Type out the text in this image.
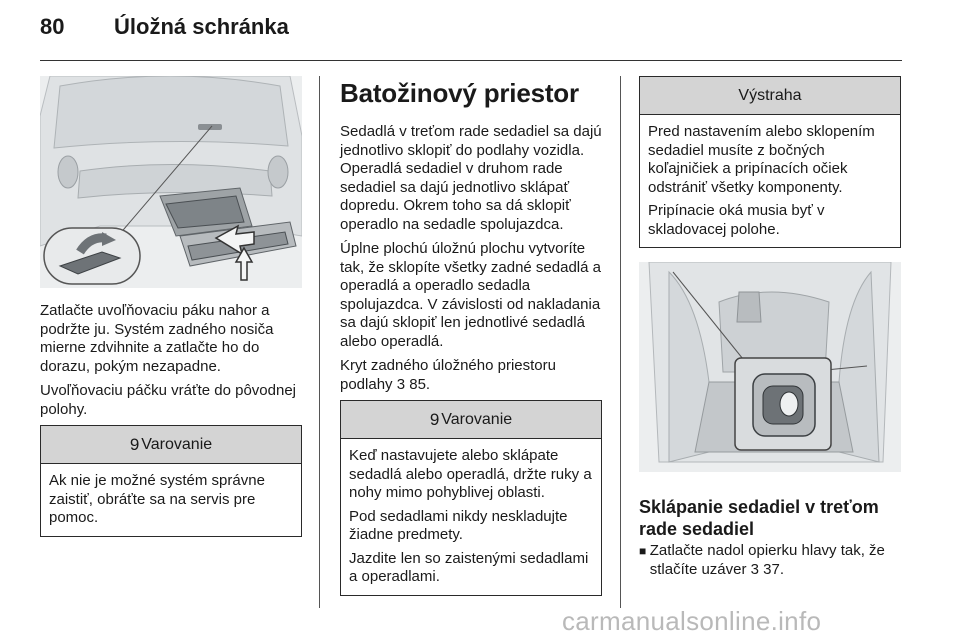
80	Úložná schránka

Zatlačte uvoľňovaciu páku nahor a podržte ju. Systém zadného nosiča mierne zdvihnite a zatlačte ho do dorazu, pokým nezapadne.

Uvoľňovaciu páčku vráťte do pôvodnej polohy.

9 Varovanie

Ak nie je možné systém správne zaistiť, obráťte sa na servis pre pomoc.

Batožinový priestor

Sedadlá v treťom rade sedadiel sa dajú jednotlivo sklopiť do podlahy vozidla. Operadlá sedadiel v druhom rade sedadiel sa dajú jednotlivo sklápať dopredu. Okrem toho sa dá sklopiť operadlo na sedadle spolujazdca.

Úplne plochú úložnú plochu vytvoríte tak, že sklopíte všetky zadné sedadlá a operadlá a operadlo sedadla spolujazdca. V závislosti od nakladania sa dajú sklopiť len jednotlivé sedadlá alebo operadlá.

Kryt zadného úložného priestoru podlahy 3 85.

9 Varovanie

Keď nastavujete alebo sklápate sedadlá alebo operadlá, držte ruky a nohy mimo pohyblivej oblasti.

Pod sedadlami nikdy neskladujte žiadne predmety.

Jazdite len so zaistenými sedadlami a operadlami.

Výstraha

Pred nastavením alebo sklopením sedadiel musíte z bočných koľajničiek a pripínacích očiek odstrániť všetky komponenty.

Pripínacie oká musia byť v skladovacej polohe.

Sklápanie sedadiel v treťom rade sedadiel
■ Zatlačte nadol opierku hlavy tak, že stlačíte uzáver 3 37.
carmanualsonline.info
